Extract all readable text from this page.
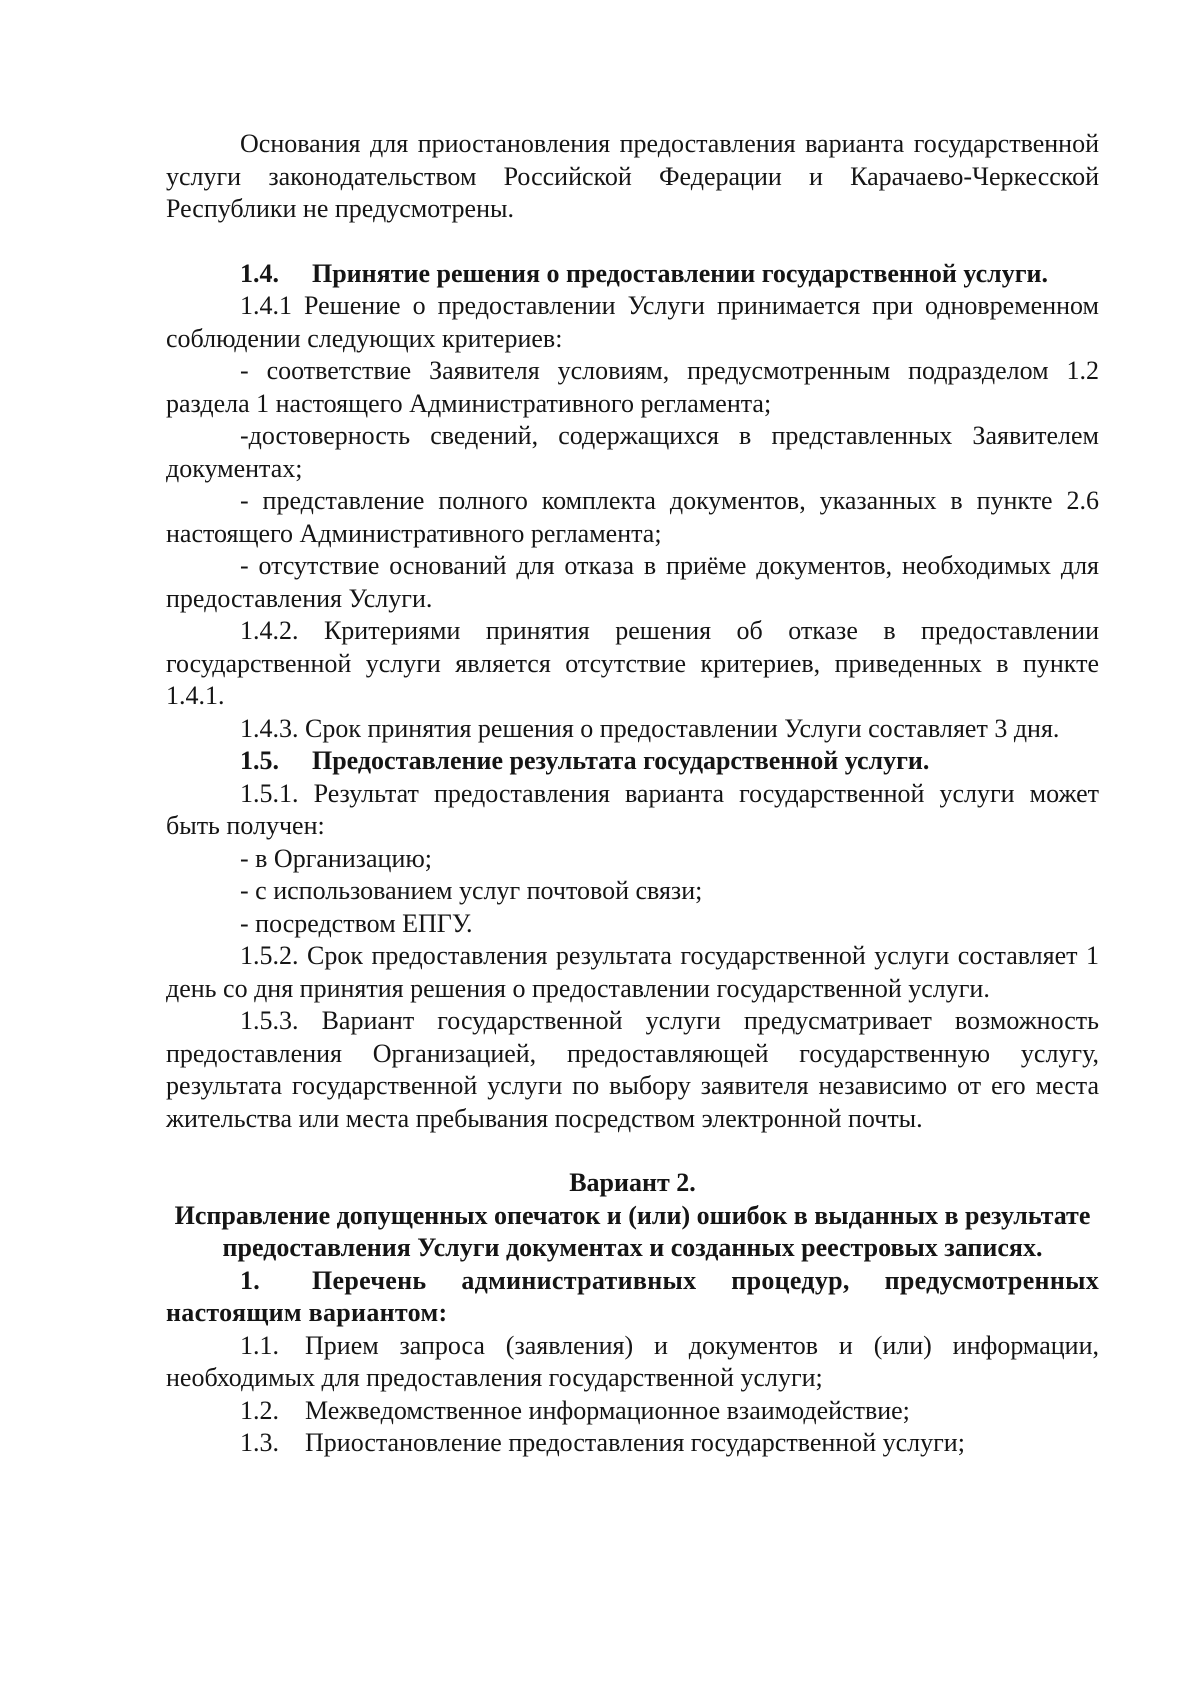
Основания для приостановления предоставления варианта государственной услуги законодательством Российской Федерации и Карачаево-Черкесской Республики не предусмотрены.

1.4. Принятие решения о предоставлении государственной услуги.

1.4.1 Решение о предоставлении Услуги принимается при одновременном соблюдении следующих критериев:

- соответствие Заявителя условиям, предусмотренным подразделом 1.2 раздела 1 настоящего Административного регламента;

-достоверность сведений, содержащихся в представленных Заявителем документах;

- представление полного комплекта документов, указанных в пункте 2.6 настоящего Административного регламента;

- отсутствие оснований для отказа в приёме документов, необходимых для предоставления Услуги.

1.4.2. Критериями принятия решения об отказе в предоставлении государственной услуги является отсутствие критериев, приведенных в пункте 1.4.1.

1.4.3. Срок принятия решения о предоставлении Услуги составляет 3 дня.

1.5. Предоставление результата государственной услуги.

1.5.1. Результат предоставления варианта государственной услуги может быть получен:

- в Организацию;

- с использованием услуг почтовой связи;

- посредством ЕПГУ.

1.5.2. Срок предоставления результата государственной услуги составляет 1 день со дня принятия решения о предоставлении государственной услуги.

1.5.3. Вариант государственной услуги предусматривает возможность предоставления Организацией, предоставляющей государственную услугу, результата государственной услуги по выбору заявителя независимо от его места жительства или места пребывания посредством электронной почты.

Вариант 2.

Исправление допущенных опечаток и (или) ошибок в выданных в результате предоставления Услуги документах и созданных реестровых записях.

1. Перечень административных процедур, предусмотренных настоящим вариантом:

1.1. Прием запроса (заявления) и документов и (или) информации, необходимых для предоставления государственной услуги;

1.2. Межведомственное информационное взаимодействие;

1.3. Приостановление предоставления государственной услуги;
